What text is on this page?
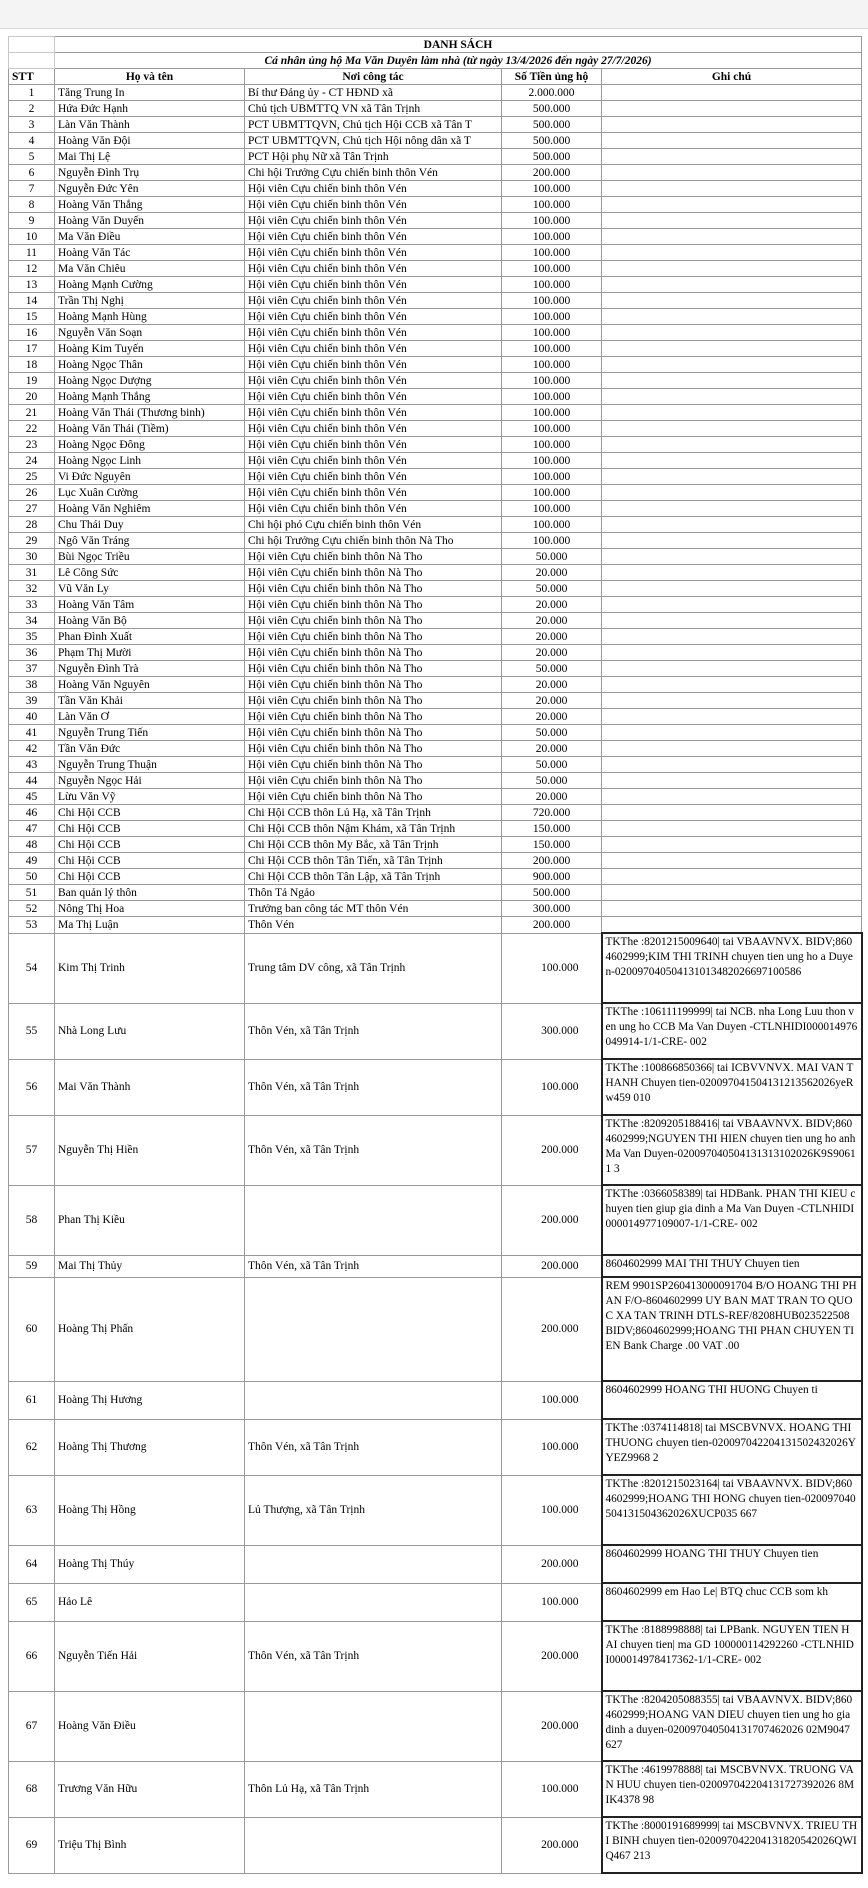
	DANH SÁCH			
	Cá nhân ủng hộ Ma Văn Duyên làm nhà (từ ngày 13/4/2026 đến ngày 27/7/2026)			
STT	Họ và tên	Nơi công tác	Số Tiền ủng hộ	Ghi chú
1	Tăng Trung In	Bí thư Đảng ủy - CT HĐND xã	2.000.000	
2	Hứa Đức Hạnh	Chủ tịch UBMTTQ VN xã Tân Trịnh	500.000	
3	Làn Văn Thành	PCT UBMTTQVN, Chủ tịch Hội CCB xã Tân T	500.000	
4	Hoàng Văn Đội	PCT UBMTTQVN, Chủ tịch Hội nông dân xã T	500.000	
5	Mai Thị Lệ	PCT Hội phụ Nữ xã Tân Trịnh	500.000	
6	Nguyễn Đình Trụ	Chi hội Trưởng Cựu chiến binh thôn Vén	200.000	
7	Nguyễn Đức Yên	Hội viên Cựu chiến binh thôn Vén	100.000	
8	Hoàng Văn Thắng	Hội viên Cựu chiến binh thôn Vén	100.000	
9	Hoàng Văn Duyến	Hội viên Cựu chiến binh thôn Vén	100.000	
10	Ma Văn Điều	Hội viên Cựu chiến binh thôn Vén	100.000	
11	Hoàng Văn Tác	Hội viên Cựu chiến binh thôn Vén	100.000	
12	Ma Văn Chiêu	Hội viên Cựu chiến binh thôn Vén	100.000	
13	Hoàng Mạnh Cường	Hội viên Cựu chiến binh thôn Vén	100.000	
14	Trần Thị Nghị	Hội viên Cựu chiến binh thôn Vén	100.000	
15	Hoàng Mạnh Hùng	Hội viên Cựu chiến binh thôn Vén	100.000	
16	Nguyễn Văn Soạn	Hội viên Cựu chiến binh thôn Vén	100.000	
17	Hoàng Kim Tuyến	Hội viên Cựu chiến binh thôn Vén	100.000	
18	Hoàng Ngọc Thân	Hội viên Cựu chiến binh thôn Vén	100.000	
19	Hoàng Ngọc Dượng	Hội viên Cựu chiến binh thôn Vén	100.000	
20	Hoàng Mạnh Thắng	Hội viên Cựu chiến binh thôn Vén	100.000	
21	Hoàng Văn Thái (Thương binh)	Hội viên Cựu chiến binh thôn Vén	100.000	
22	Hoàng Văn Thái (Tiềm)	Hội viên Cựu chiến binh thôn Vén	100.000	
23	Hoàng Ngọc Đông	Hội viên Cựu chiến binh thôn Vén	100.000	
24	Hoàng Ngọc Linh	Hội viên Cựu chiến binh thôn Vén	100.000	
25	Vi Đức Nguyên	Hội viên Cựu chiến binh thôn Vén	100.000	
26	Lục Xuân Cường	Hội viên Cựu chiến binh thôn Vén	100.000	
27	Hoàng Văn Nghiêm	Hội viên Cựu chiến binh thôn Vén	100.000	
28	Chu Thái Duy	Chi hội phó Cựu chiến binh thôn Vén	100.000	
29	Ngô Văn Tráng	Chi hội Trưởng Cựu chiến binh thôn Nà Tho	100.000	
30	Bùi Ngọc Triều	Hội viên Cựu chiến binh thôn Nà Tho	50.000	
31	Lê Công Sức	Hội viên Cựu chiến binh thôn Nà Tho	20.000	
32	Vũ Văn Ly	Hội viên Cựu chiến binh thôn Nà Tho	50.000	
33	Hoàng Văn Tâm	Hội viên Cựu chiến binh thôn Nà Tho	20.000	
34	Hoàng Văn Bộ	Hội viên Cựu chiến binh thôn Nà Tho	20.000	
35	Phan Đình Xuất	Hội viên Cựu chiến binh thôn Nà Tho	20.000	
36	Phạm Thị Mười	Hội viên Cựu chiến binh thôn Nà Tho	20.000	
37	Nguyễn Đình Trà	Hội viên Cựu chiến binh thôn Nà Tho	50.000	
38	Hoàng Văn Nguyên	Hội viên Cựu chiến binh thôn Nà Tho	20.000	
39	Tần Văn Khải	Hội viên Cựu chiến binh thôn Nà Tho	20.000	
40	Làn Văn Ơ	Hội viên Cựu chiến binh thôn Nà Tho	20.000	
41	Nguyễn Trung Tiến	Hội viên Cựu chiến binh thôn Nà Tho	50.000	
42	Tần Văn Đức	Hội viên Cựu chiến binh thôn Nà Tho	20.000	
43	Nguyễn Trung Thuận	Hội viên Cựu chiến binh thôn Nà Tho	50.000	
44	Nguyễn Ngọc Hải	Hội viên Cựu chiến binh thôn Nà Tho	50.000	
45	Lừu Văn Vỹ	Hội viên Cựu chiến binh thôn Nà Tho	20.000	
46	Chi Hội CCB	Chi Hội CCB thôn Lủ Hạ, xã Tân Trịnh	720.000	
47	Chi Hội CCB	Chi Hội CCB thôn Nậm Khám, xã Tân Trịnh	150.000	
48	Chi Hội CCB	Chi Hội CCB thôn My Bắc, xã Tân Trịnh	150.000	
49	Chi Hội CCB	Chi Hội CCB thôn Tân Tiến, xã Tân Trịnh	200.000	
50	Chi Hội CCB	Chi Hội CCB thôn Tân Lập, xã Tân Trịnh	900.000	
51	Ban quản lý thôn	Thôn Tả Ngảo	500.000	
52	Nông Thị Hoa	Trưởng ban công tác MT thôn Vén	300.000	
53	Ma Thị Luận	Thôn Vén	200.000	
54	Kim Thị Trinh	Trung tâm DV công, xã Tân Trịnh	100.000	TKThe :8201215009640| tai VBAAVNVX. BIDV;8604602999;KIM THI TRINH chuyen tien ung ho a Duyen-020097040504131013482026697100586
55	Nhà Long Lưu	Thôn Vén, xã Tân Trịnh	300.000	TKThe :106111199999| tai NCB. nha Long Luu thon ven ung ho CCB Ma Van Duyen -CTLNHIDI000014976049914-1/1-CRE- 002
56	Mai Văn Thành	Thôn Vén, xã Tân Trịnh	100.000	TKThe :100866850366| tai ICBVVNVX. MAI VAN THANH Chuyen tien-020097041504131213562026yeRw459 010
57	Nguyễn Thị Hiền	Thôn Vén, xã Tân Trịnh	200.000	TKThe :8209205188416| tai VBAAVNVX. BIDV;8604602999;NGUYEN THI HIEN chuyen tien ung ho anh Ma Van Duyen-020097040504131313102026K9S90611 3
58	Phan Thị Kiều		200.000	TKThe :0366058389| tai HDBank. PHAN THI KIEU chuyen tien giup gia dinh a Ma Van Duyen -CTLNHIDI000014977109007-1/1-CRE- 002
59	Mai Thị Thủy	Thôn Vén, xã Tân Trịnh	200.000	8604602999 MAI THI THUY Chuyen tien
60	Hoàng Thị Phấn		200.000	REM 9901SP260413000091704 B/O HOANG THI PHAN F/O-8604602999 UY BAN MAT TRAN TO QUOC XA TAN TRINH DTLS-REF/8208HUB023522508 BIDV;8604602999;HOANG THI PHAN CHUYEN TIEN Bank Charge .00 VAT .00
61	Hoàng Thị Hương		100.000	8604602999 HOANG THI HUONG Chuyen ti
62	Hoàng Thị Thương	Thôn Vén, xã Tân Trịnh	100.000	TKThe :0374114818| tai MSCBVNVX. HOANG THI THUONG chuyen tien-020097042204131502432026YYEZ9968 2
63	Hoàng Thị Hồng	Lủ Thượng, xã Tân Trịnh	100.000	TKThe :8201215023164| tai VBAAVNVX. BIDV;8604602999;HOANG THI HONG chuyen tien-020097040504131504362026XUCP035 667
64	Hoàng Thị Thúy		200.000	8604602999 HOANG THI THUY Chuyen tien
65	Hảo Lê		100.000	8604602999 em Hao Le| BTQ chuc CCB som kh
66	Nguyễn Tiến Hải	Thôn Vén, xã Tân Trịnh	200.000	TKThe :8188998888| tai LPBank. NGUYEN TIEN HAI chuyen tien| ma GD 100000114292260 -CTLNHIDI000014978417362-1/1-CRE- 002
67	Hoàng Văn Điều		200.000	TKThe :8204205088355| tai VBAAVNVX. BIDV;8604602999;HOANG VAN DIEU chuyen tien ung ho gia dinh a duyen-020097040504131707462026 02M9047 627
68	Trương Văn Hữu	Thôn Lủ Hạ, xã Tân Trịnh	100.000	TKThe :4619978888| tai MSCBVNVX. TRUONG VAN HUU chuyen tien-020097042204131727392026 8MIK4378 98
69	Triệu Thị Bình		200.000	TKThe :8000191689999| tai MSCBVNVX. TRIEU THI BINH chuyen tien-020097042204131820542026QWIQ467 213
